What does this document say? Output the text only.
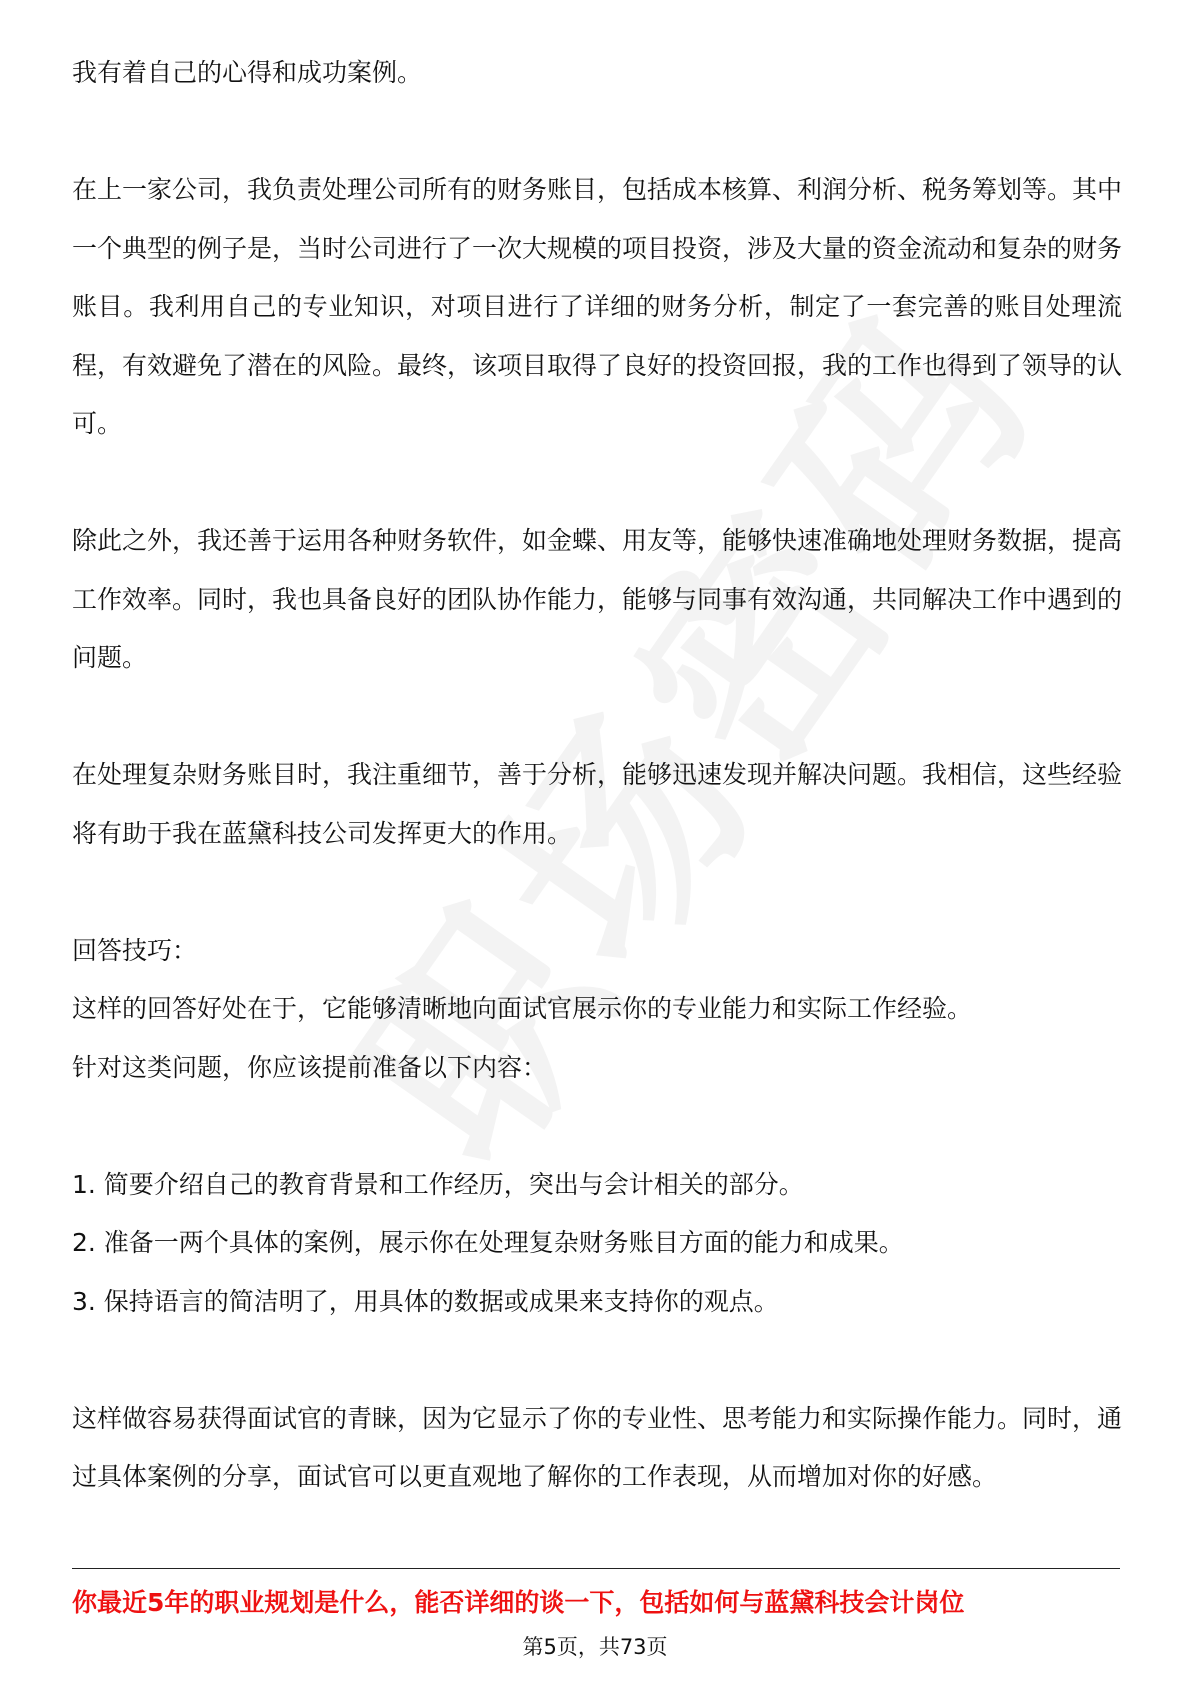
我有着自己的心得和成功案例。

在上一家公司，我负责处理公司所有的财务账目，包括成本核算、利润分析、税务筹划等。其中一个典型的例子是，当时公司进行了一次大规模的项目投资，涉及大量的资金流动和复杂的财务账目。我利用自己的专业知识，对项目进行了详细的财务分析，制定了一套完善的账目处理流程，有效避免了潜在的风险。最终，该项目取得了良好的投资回报，我的工作也得到了领导的认可。

除此之外，我还善于运用各种财务软件，如金蝶、用友等，能够快速准确地处理财务数据，提高工作效率。同时，我也具备良好的团队协作能力，能够与同事有效沟通，共同解决工作中遇到的问题。

在处理复杂财务账目时，我注重细节，善于分析，能够迅速发现并解决问题。我相信，这些经验将有助于我在蓝黛科技公司发挥更大的作用。

回答技巧：

这样的回答好处在于，它能够清晰地向面试官展示你的专业能力和实际工作经验。

针对这类问题，你应该提前准备以下内容：

1. 简要介绍自己的教育背景和工作经历，突出与会计相关的部分。

2. 准备一两个具体的案例，展示你在处理复杂财务账目方面的能力和成果。

3. 保持语言的简洁明了，用具体的数据或成果来支持你的观点。

这样做容易获得面试官的青睐，因为它显示了你的专业性、思考能力和实际操作能力。同时，通过具体案例的分享，面试官可以更直观地了解你的工作表现，从而增加对你的好感。

你最近5年的职业规划是什么，能否详细的谈一下，包括如何与蓝黛科技会计岗位
第5页，共73页
